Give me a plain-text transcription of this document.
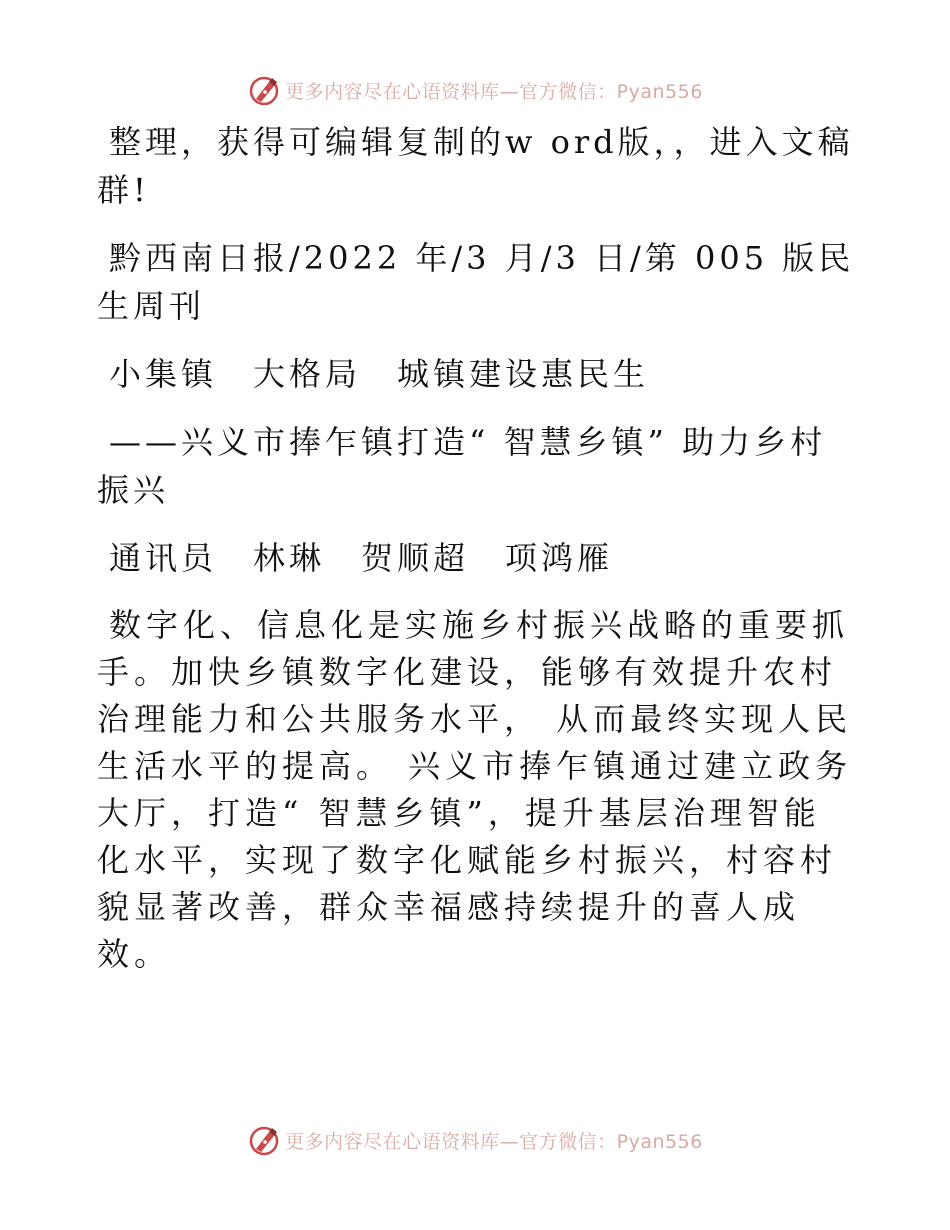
更多内容尽在心语资料库—官方微信：Pyan556

整理，获得可编辑复制的w ord版，，进入文稿群!

黔西南日报/2022 年/3 月/3 日/第 005 版民生周刊

小集镇　大格局　城镇建设惠民生

——兴义市捧乍镇打造“ 智慧乡镇” 助力乡村振兴

通讯员　林琳　贺顺超　项鸿雁

数字化、信息化是实施乡村振兴战略的重要抓手。加快乡镇数字化建设，能够有效提升农村治理能力和公共服务水平， 从而最终实现人民生活水平的提高。 兴义市捧乍镇通过建立政务大厅，打造“ 智慧乡镇”，提升基层治理智能化水平，实现了数字化赋能乡村振兴，村容村貌显著改善，群众幸福感持续提升的喜人成效。

更多内容尽在心语资料库—官方微信：Pyan556
